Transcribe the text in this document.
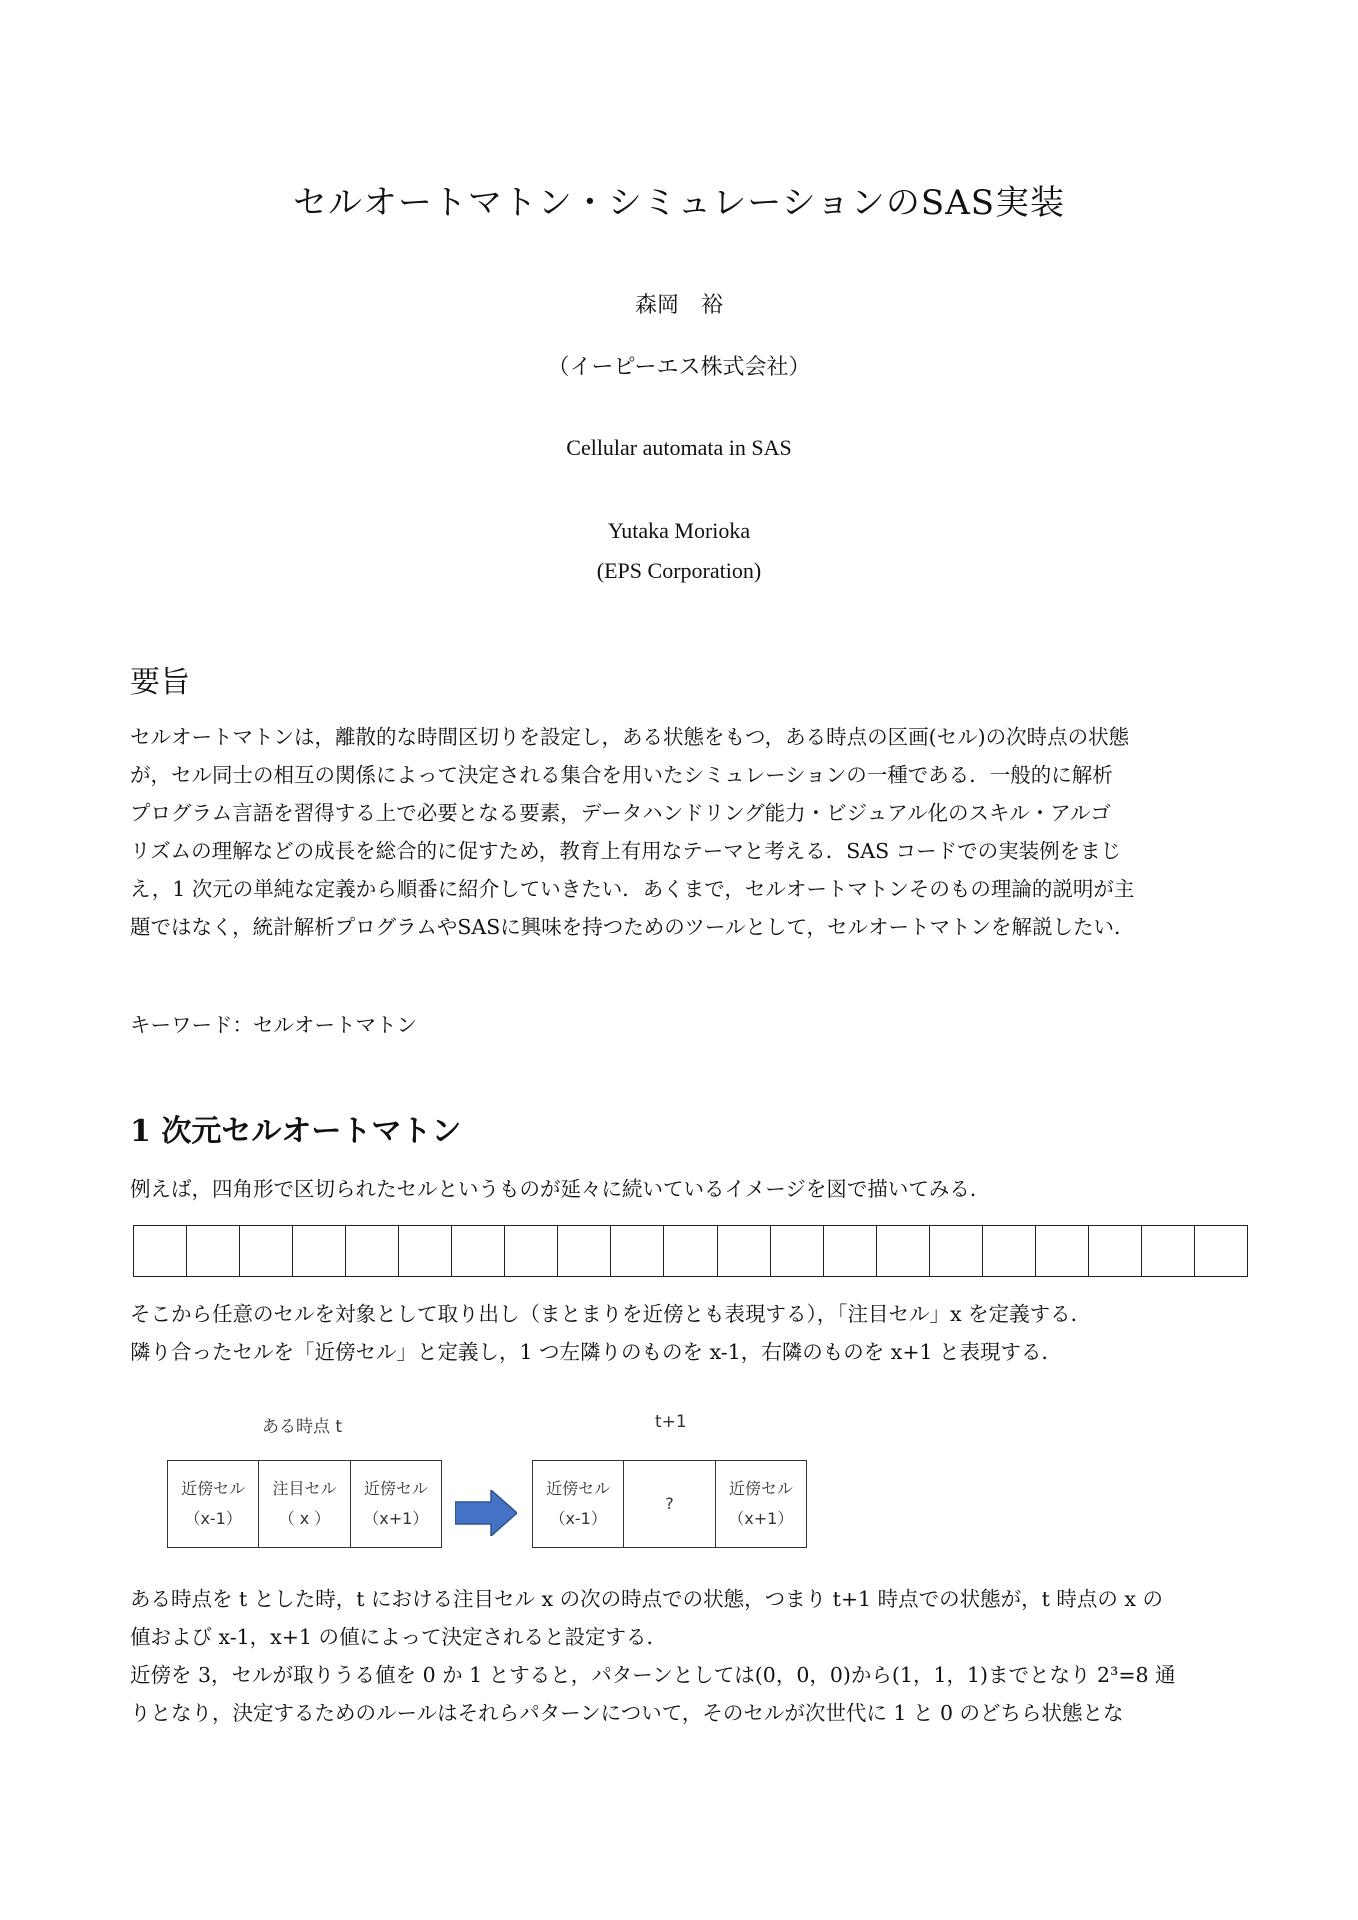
セルオートマトン・シミュレーションのSAS実装
森岡　裕
（イーピーエス株式会社）
Cellular automata in SAS
Yutaka Morioka
(EPS Corporation)
要旨

セルオートマトンは，離散的な時間区切りを設定し，ある状態をもつ，ある時点の区画(セル)の次時点の状態

が，セル同士の相互の関係によって決定される集合を用いたシミュレーションの一種である．一般的に解析

プログラム言語を習得する上で必要となる要素，データハンドリング能力・ビジュアル化のスキル・アルゴ

リズムの理解などの成長を総合的に促すため，教育上有用なテーマと考える．SAS コードでの実装例をまじ

え，1 次元の単純な定義から順番に紹介していきたい．あくまで，セルオートマトンそのもの理論的説明が主

題ではなく，統計解析プログラムやSASに興味を持つためのツールとして，セルオートマトンを解説したい．

キーワード：セルオートマトン
1 次元セルオートマトン

例えば，四角形で区切られたセルというものが延々に続いているイメージを図で描いてみる．

そこから任意のセルを対象として取り出し（まとまりを近傍とも表現する），「注目セル」x を定義する．

隣り合ったセルを「近傍セル」と定義し，1 つ左隣りのものを x-1，右隣のものを x+1 と表現する．

ある時点 t	t+1
近傍セル
（x-1）
注目セル
（ x ）
近傍セル
（x+1）
近傍セル
（x-1）
?
近傍セル
（x+1）

ある時点を t とした時，t における注目セル x の次の時点での状態，つまり t+1 時点での状態が，t 時点の x の

値および x-1，x+1 の値によって決定されると設定する．

近傍を 3，セルが取りうる値を 0 か 1 とすると，パターンとしては(0，0，0)から(1，1，1)までとなり 2³=8 通

りとなり，決定するためのルールはそれらパターンについて，そのセルが次世代に 1 と 0 のどちら状態とな
